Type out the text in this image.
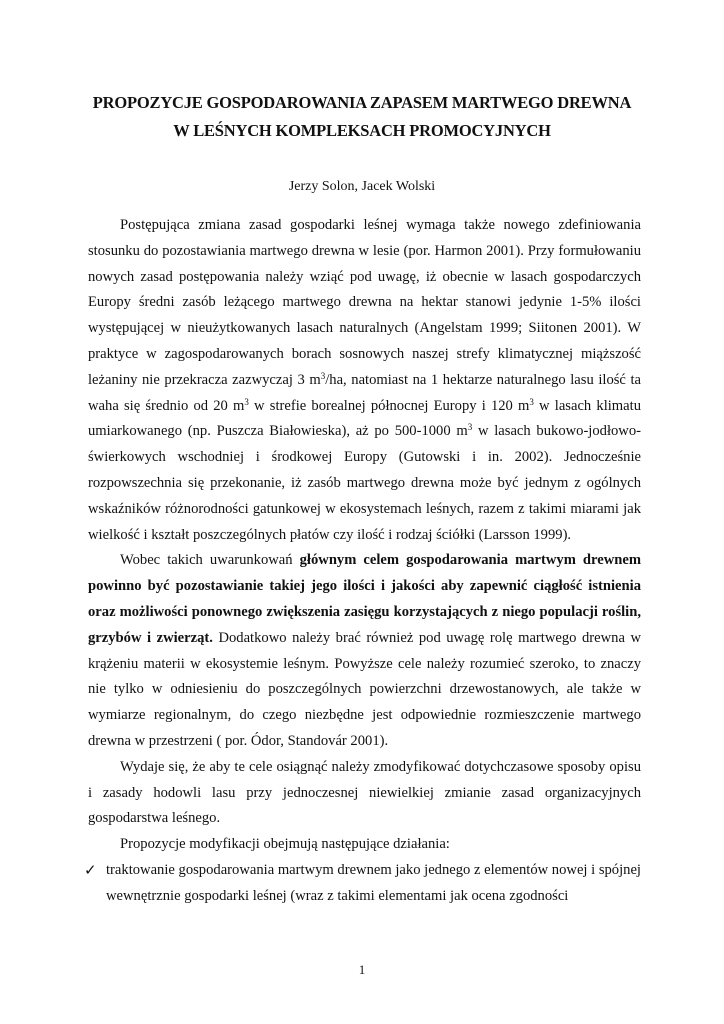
PROPOZYCJE GOSPODAROWANIA ZAPASEM MARTWEGO DREWNA
W LEŚNYCH KOMPLEKSACH PROMOCYJNYCH
Jerzy Solon, Jacek Wolski

Postępująca zmiana zasad gospodarki leśnej wymaga także nowego zdefiniowania stosunku do pozostawiania martwego drewna w lesie (por. Harmon 2001). Przy formułowaniu nowych zasad postępowania należy wziąć pod uwagę, iż obecnie w lasach gospodarczych Europy średni zasób leżącego martwego drewna na hektar stanowi jedynie 1-5% ilości występującej w nieużytkowanych lasach naturalnych (Angelstam 1999; Siitonen 2001). W praktyce w zagospodarowanych borach sosnowych naszej strefy klimatycznej miąższość leżaniny nie przekracza zazwyczaj 3 $m^3/ha$, natomiast na 1 hektarze naturalnego lasu ilość ta waha się średnio od 20 $m^3$ w strefie borealnej północnej Europy i 120 $m^3$ w lasach klimatu umiarkowanego (np. Puszcza Białowieska), aż po 500-1000 $m^3$ w lasach bukowo-jodłowo-świerkowych wschodniej i środkowej Europy (Gutowski i in. 2002). Jednocześnie rozpowszechnia się przekonanie, iż zasób martwego drewna może być jednym z ogólnych wskaźników różnorodności gatunkowej w ekosystemach leśnych, razem z takimi miarami jak wielkość i kształt poszczególnych płatów czy ilość i rodzaj ściółki (Larsson 1999).

Wobec takich uwarunkowań głównym celem gospodarowania martwym drewnem powinno być pozostawianie takiej jego ilości i jakości aby zapewnić ciągłość istnienia oraz możliwości ponownego zwiększenia zasięgu korzystających z niego populacji roślin, grzybów i zwierząt. Dodatkowo należy brać również pod uwagę rolę martwego drewna w krążeniu materii w ekosystemie leśnym. Powyższe cele należy rozumieć szeroko, to znaczy nie tylko w odniesieniu do poszczególnych powierzchni drzewostanowych, ale także w wymiarze regionalnym, do czego niezbędne jest odpowiednie rozmieszczenie martwego drewna w przestrzeni ( por. Ódor, Standovár 2001).

Wydaje się, że aby te cele osiągnąć należy zmodyfikować dotychczasowe sposoby opisu i zasady hodowli lasu przy jednoczesnej niewielkiej zmianie zasad organizacyjnych gospodarstwa leśnego.

Propozycje modyfikacji obejmują następujące działania:

✓ traktowanie gospodarowania martwym drewnem jako jednego z elementów nowej i spójnej wewnętrznie gospodarki leśnej (wraz z takimi elementami jak ocena zgodności
1
